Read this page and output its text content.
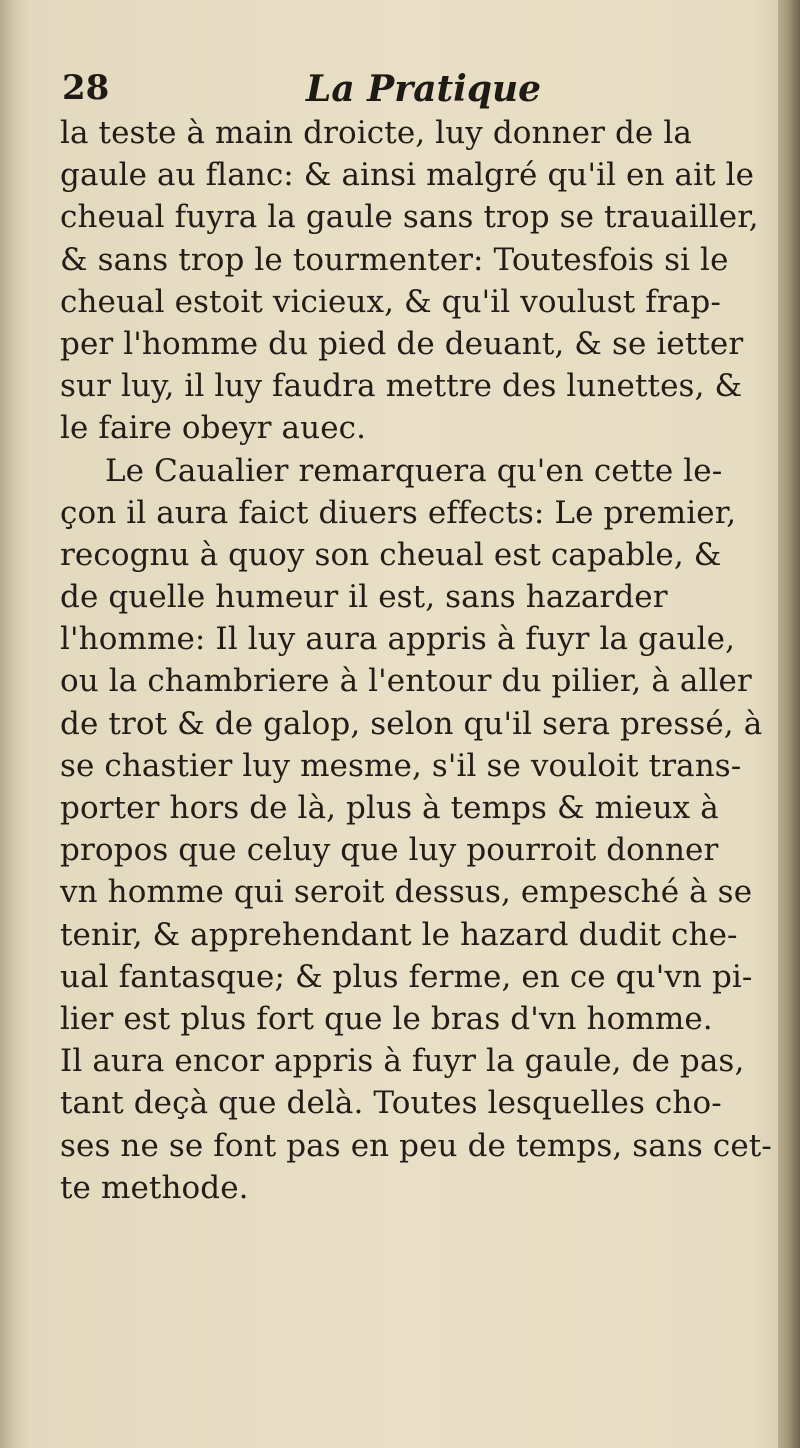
28	La Pratique
la teste à main droicte, luy donner de la
gaule au flanc: & ainsi malgré qu'il en ait le
cheual fuyra la gaule sans trop se trauailler,
& sans trop le tourmenter: Toutesfois si le
cheual estoit vicieux, & qu'il voulust frap-
per l'homme du pied de deuant, & se ietter
sur luy, il luy faudra mettre des lunettes, &
le faire obeyr auec.
Le Caualier remarquera qu'en cette le-
çon il aura faict diuers effects: Le premier,
recognu à quoy son cheual est capable, &
de quelle humeur il est, sans hazarder
l'homme: Il luy aura appris à fuyr la gaule,
ou la chambriere à l'entour du pilier, à aller
de trot & de galop, selon qu'il sera pressé, à
se chastier luy mesme, s'il se vouloit trans-
porter hors de là, plus à temps & mieux à
propos que celuy que luy pourroit donner
vn homme qui seroit dessus, empesché à se
tenir, & apprehendant le hazard dudit che-
ual fantasque; & plus ferme, en ce qu'vn pi-
lier est plus fort que le bras d'vn homme.
Il aura encor appris à fuyr la gaule, de pas,
tant deçà que delà. Toutes lesquelles cho-
ses ne se font pas en peu de temps, sans cet-
te methode.
